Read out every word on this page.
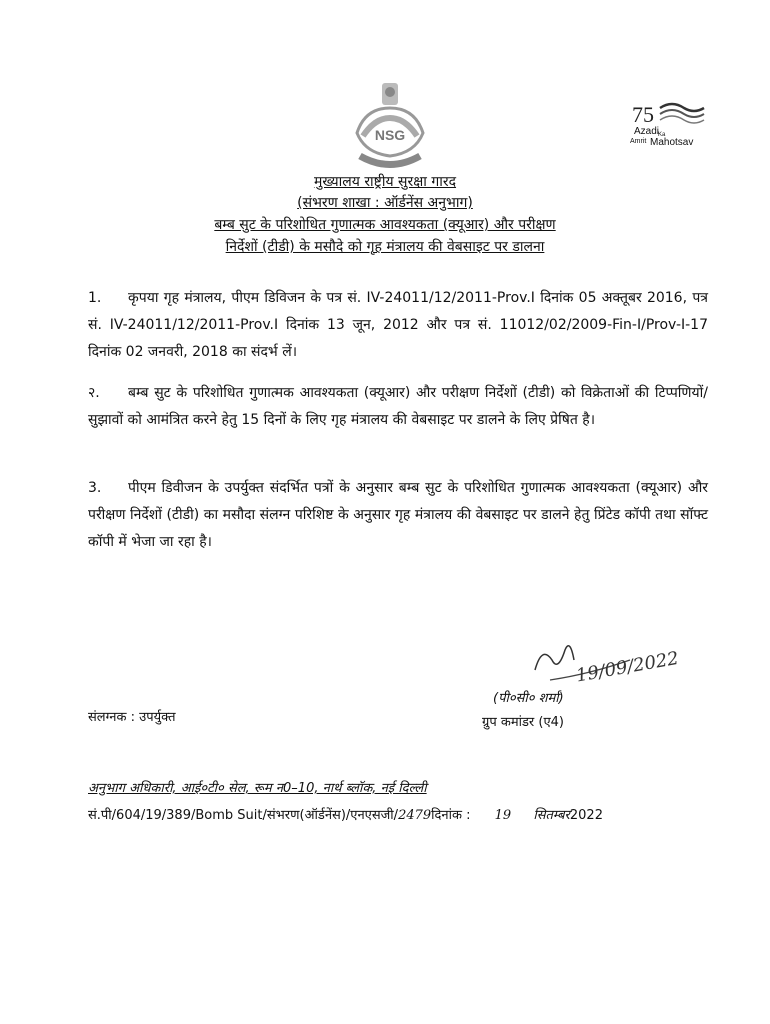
NSG
75
Azadi
Ka
Amrit Mahotsav
मुख्यालय राष्ट्रीय सुरक्षा गारद
(संभरण शाखा : ऑर्डनेंस अनुभाग)
बम्ब सुट के परिशोधित गुणात्मक आवश्यकता (क्यूआर) और परीक्षण
निर्देशों (टीडी) के मसौदे को गृह मंत्रालय की वेबसाइट पर डालना
1. कृपया गृह मंत्रालय, पीएम डिविजन के पत्र सं. IV-24011/12/2011-Prov.I दिनांक 05 अक्तूबर 2016, पत्र सं. IV-24011/12/2011-Prov.I दिनांक 13 जून, 2012 और पत्र सं. 11012/02/2009-Fin-I/Prov-I-17 दिनांक 02 जनवरी, 2018 का संदर्भ लें।
२. बम्ब सुट के परिशोधित गुणात्मक आवश्यकता (क्यूआर) और परीक्षण निर्देशों (टीडी) को विक्रेताओं की टिप्पणियों/सुझावों को आमंत्रित करने हेतु 15 दिनों के लिए गृह मंत्रालय की वेबसाइट पर डालने के लिए प्रेषित है।
3. पीएम डिवीजन के उपर्युक्त संदर्भित पत्रों के अनुसार बम्ब सुट के परिशोधित गुणात्मक आवश्यकता (क्यूआर) और परीक्षण निर्देशों (टीडी) का मसौदा संलग्न परिशिष्ट के अनुसार गृह मंत्रालय की वेबसाइट पर डालने हेतु प्रिंटेड कॉपी तथा सॉफ्ट कॉपी में भेजा जा रहा है।
19/09/2022
(पी०सी० शर्मा)
ग्रुप कमांडर (ए4)
संलग्नक : उपर्युक्त
अनुभाग अधिकारी, आई०टी० सेल, रूम न0–10, नार्थ ब्लॉक, नई दिल्ली
सं.पी/604/19/389/Bomb Suit/संभरण(ऑर्डनेंस)/एनएसजी/2479दिनांक : 19 सितम्बर2022
